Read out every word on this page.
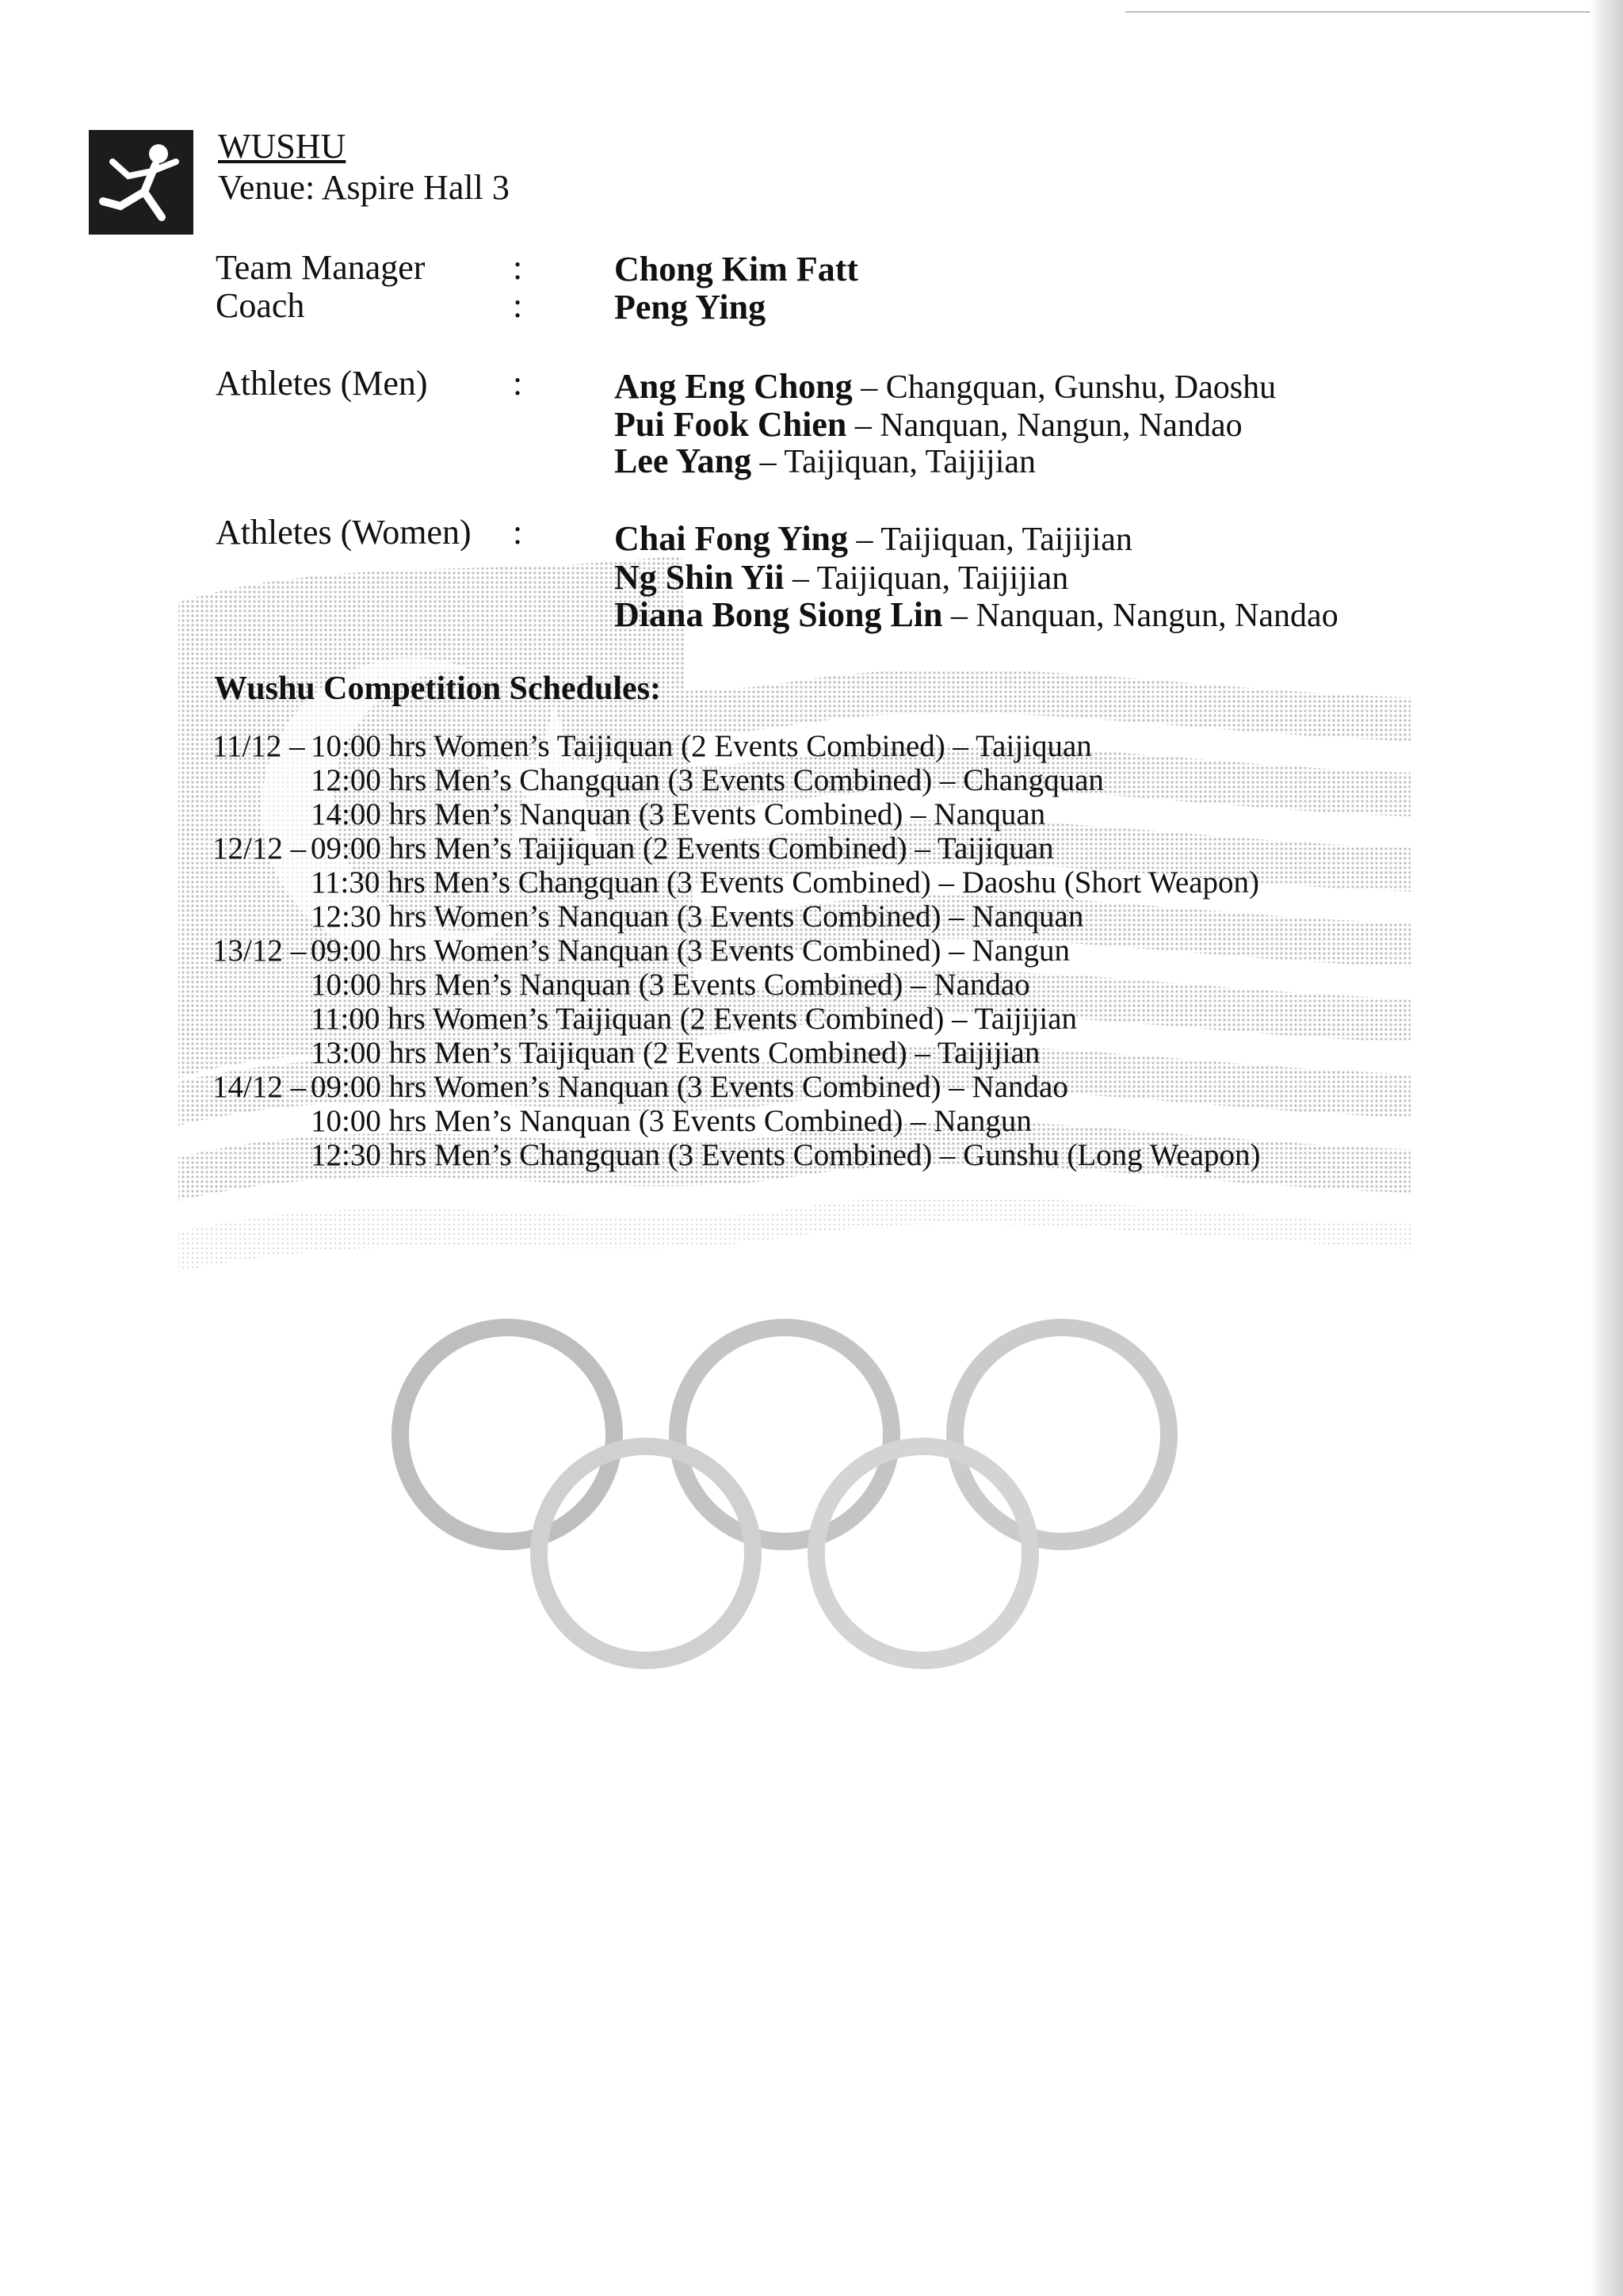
WUSHU
Venue: Aspire Hall 3
Team Manager	:	Chong Kim Fatt
Coach	:	Peng Ying
Athletes (Men) :	Ang Eng Chong – Changquan, Gunshu, Daoshu
Pui Fook Chien – Nanquan, Nangun, Nandao
Lee Yang – Taijiquan, Taijijian
Athletes (Women) :	Chai Fong Ying – Taijiquan, Taijijian
Ng Shin Yii – Taijiquan, Taijijian
Diana Bong Siong Lin – Nanquan, Nangun, Nandao
Wushu Competition Schedules:
11/12 – 10:00 hrs Women’s Taijiquan (2 Events Combined) – Taijiquan
12:00 hrs Men’s Changquan (3 Events Combined) – Changquan
14:00 hrs Men’s Nanquan (3 Events Combined) – Nanquan
12/12 – 09:00 hrs Men’s Taijiquan (2 Events Combined) – Taijiquan
11:30 hrs Men’s Changquan (3 Events Combined) – Daoshu (Short Weapon)
12:30 hrs Women’s Nanquan (3 Events Combined) – Nanquan
13/12 – 09:00 hrs Women’s Nanquan (3 Events Combined) – Nangun
10:00 hrs Men’s Nanquan (3 Events Combined) – Nandao
11:00 hrs Women’s Taijiquan (2 Events Combined) – Taijijian
13:00 hrs Men’s Taijiquan (2 Events Combined) – Taijijian
14/12 – 09:00 hrs Women’s Nanquan (3 Events Combined) – Nandao
10:00 hrs Men’s Nanquan (3 Events Combined) – Nangun
12:30 hrs Men’s Changquan (3 Events Combined) – Gunshu (Long Weapon)
